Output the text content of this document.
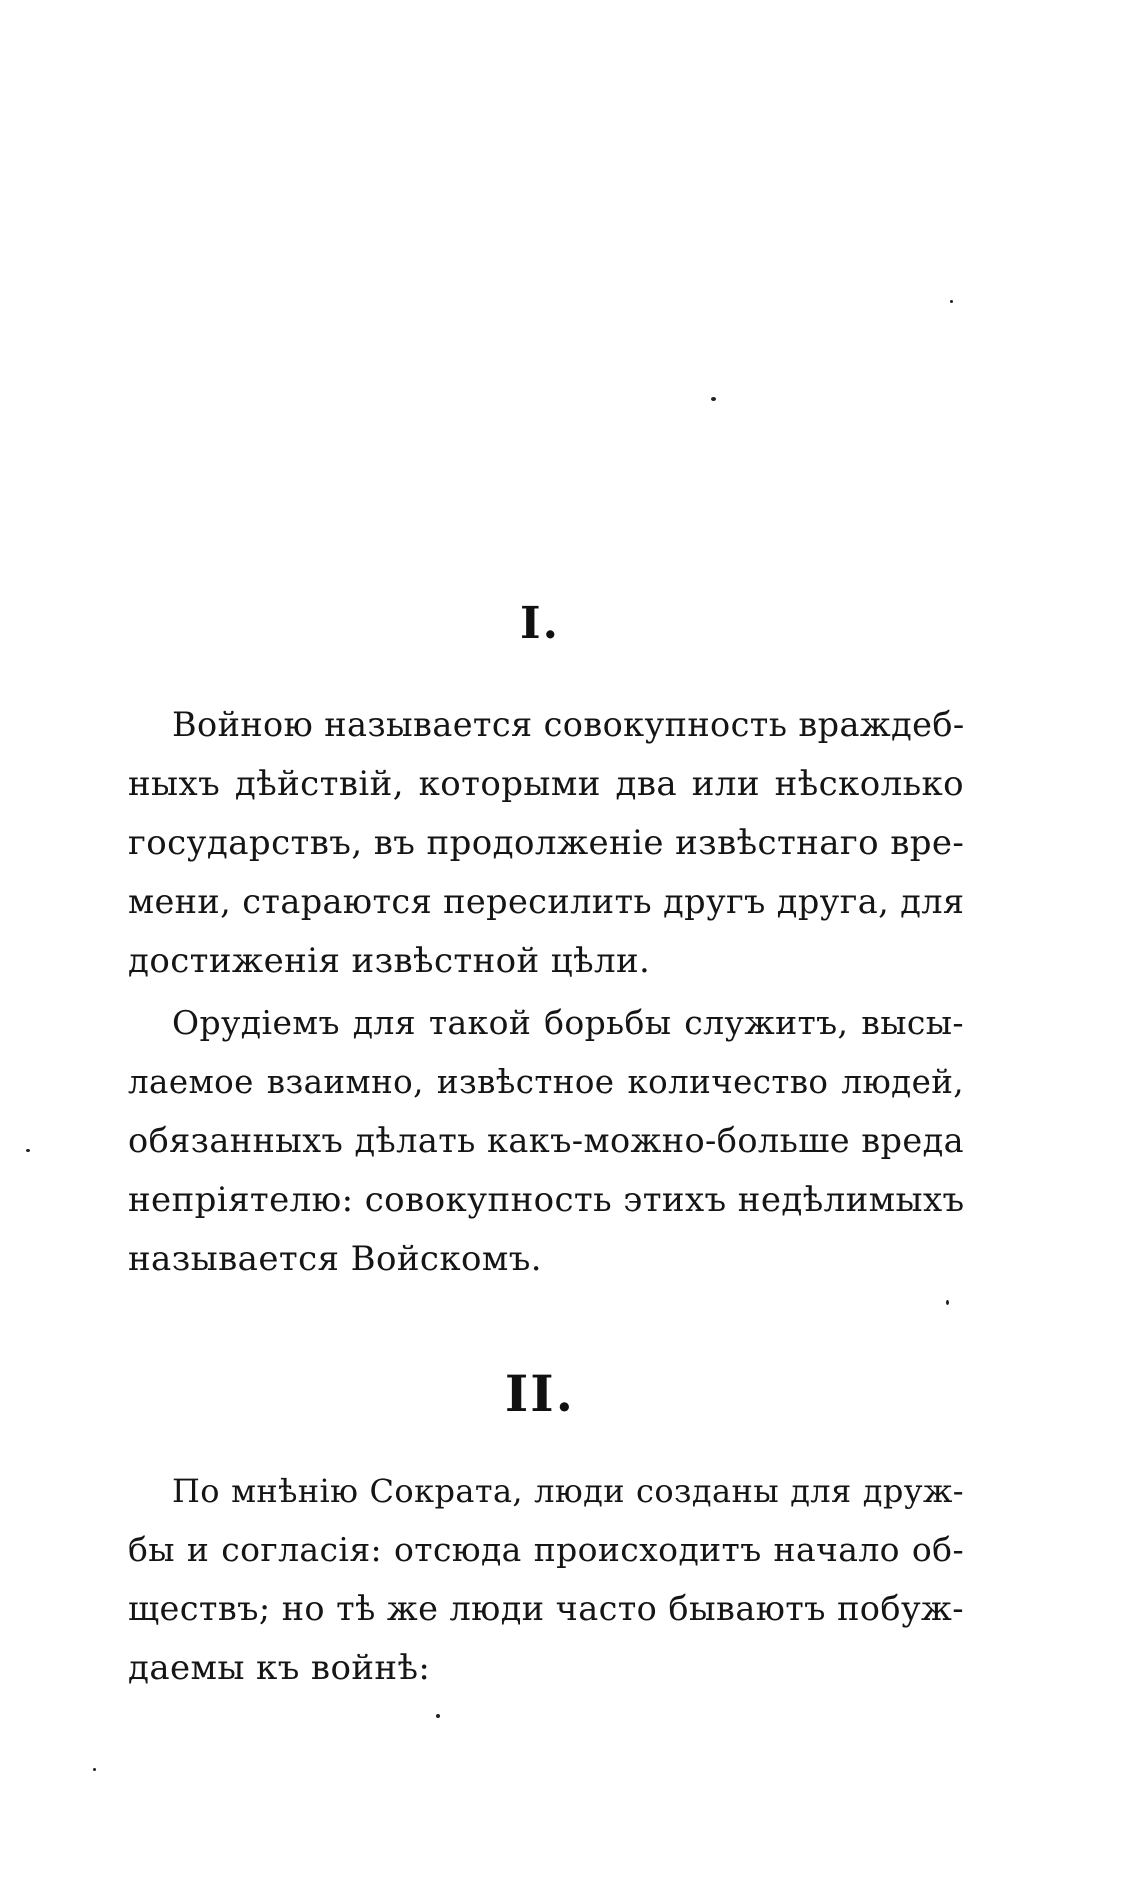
I.
Войною называется совокупность враждеб-
ныхъ дѣйствій, которыми два или нѣсколько
государствъ, въ продолженіе извѣстнаго вре-
мени, стараются пересилить другъ друга, для
достиженія извѣстной цѣли.
Орудіемъ для такой борьбы служитъ, высы-
лаемое взаимно, извѣстное количество людей,
обязанныхъ дѣлать какъ-можно-больше вреда
непріятелю: совокупность этихъ недѣлимыхъ
называется Войскомъ.
II.
По мнѣнію Сократа, люди созданы для друж-
бы и согласія: отсюда происходитъ начало об-
ществъ; но тѣ же люди часто бываютъ побуж-
даемы къ войнѣ:
